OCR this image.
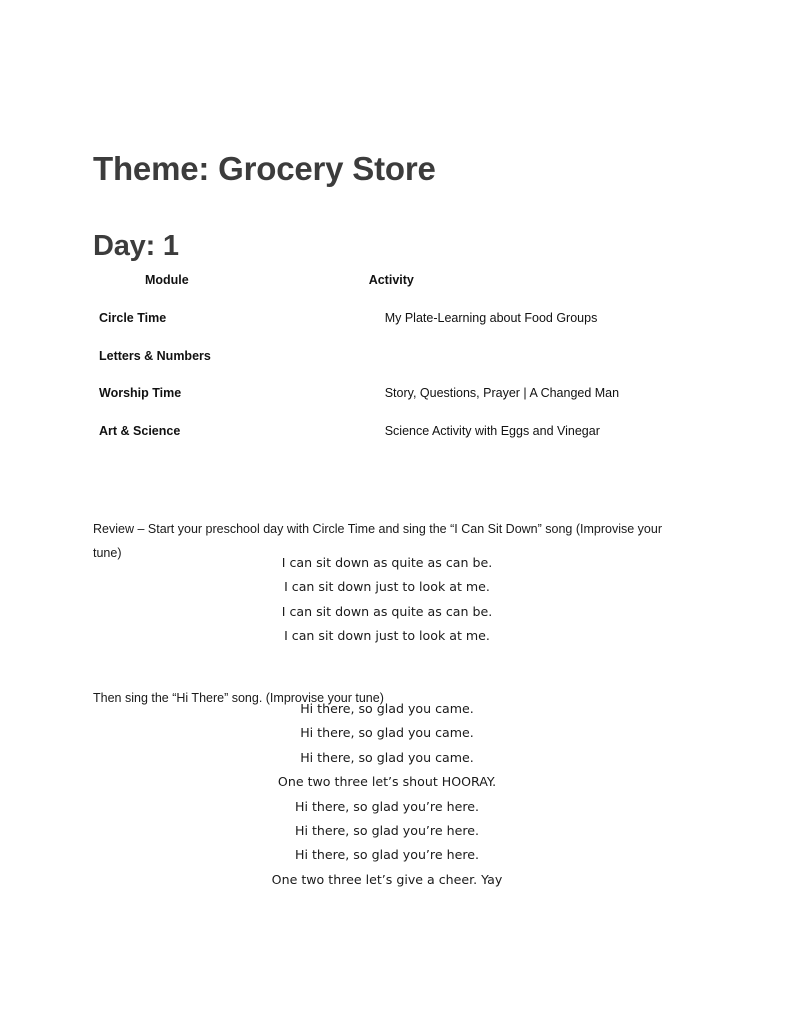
Theme: Grocery Store
Day: 1
Module	Activity
Circle Time	My Plate-Learning about Food Groups
Letters & Numbers	
Worship Time	Story, Questions, Prayer | A Changed Man
Art & Science	Science Activity with Eggs and Vinegar

Review – Start your preschool day with Circle Time and sing the “I Can Sit Down” song (Improvise your tune)

I can sit down as quite as can be.
I can sit down just to look at me.
I can sit down as quite as can be.
I can sit down just to look at me.

Then sing the “Hi There” song. (Improvise your tune)

Hi there, so glad you came.
Hi there, so glad you came.
Hi there, so glad you came.
One two three let’s shout HOORAY.
Hi there, so glad you’re here.
Hi there, so glad you’re here.
Hi there, so glad you’re here.
One two three let’s give a cheer. Yay
